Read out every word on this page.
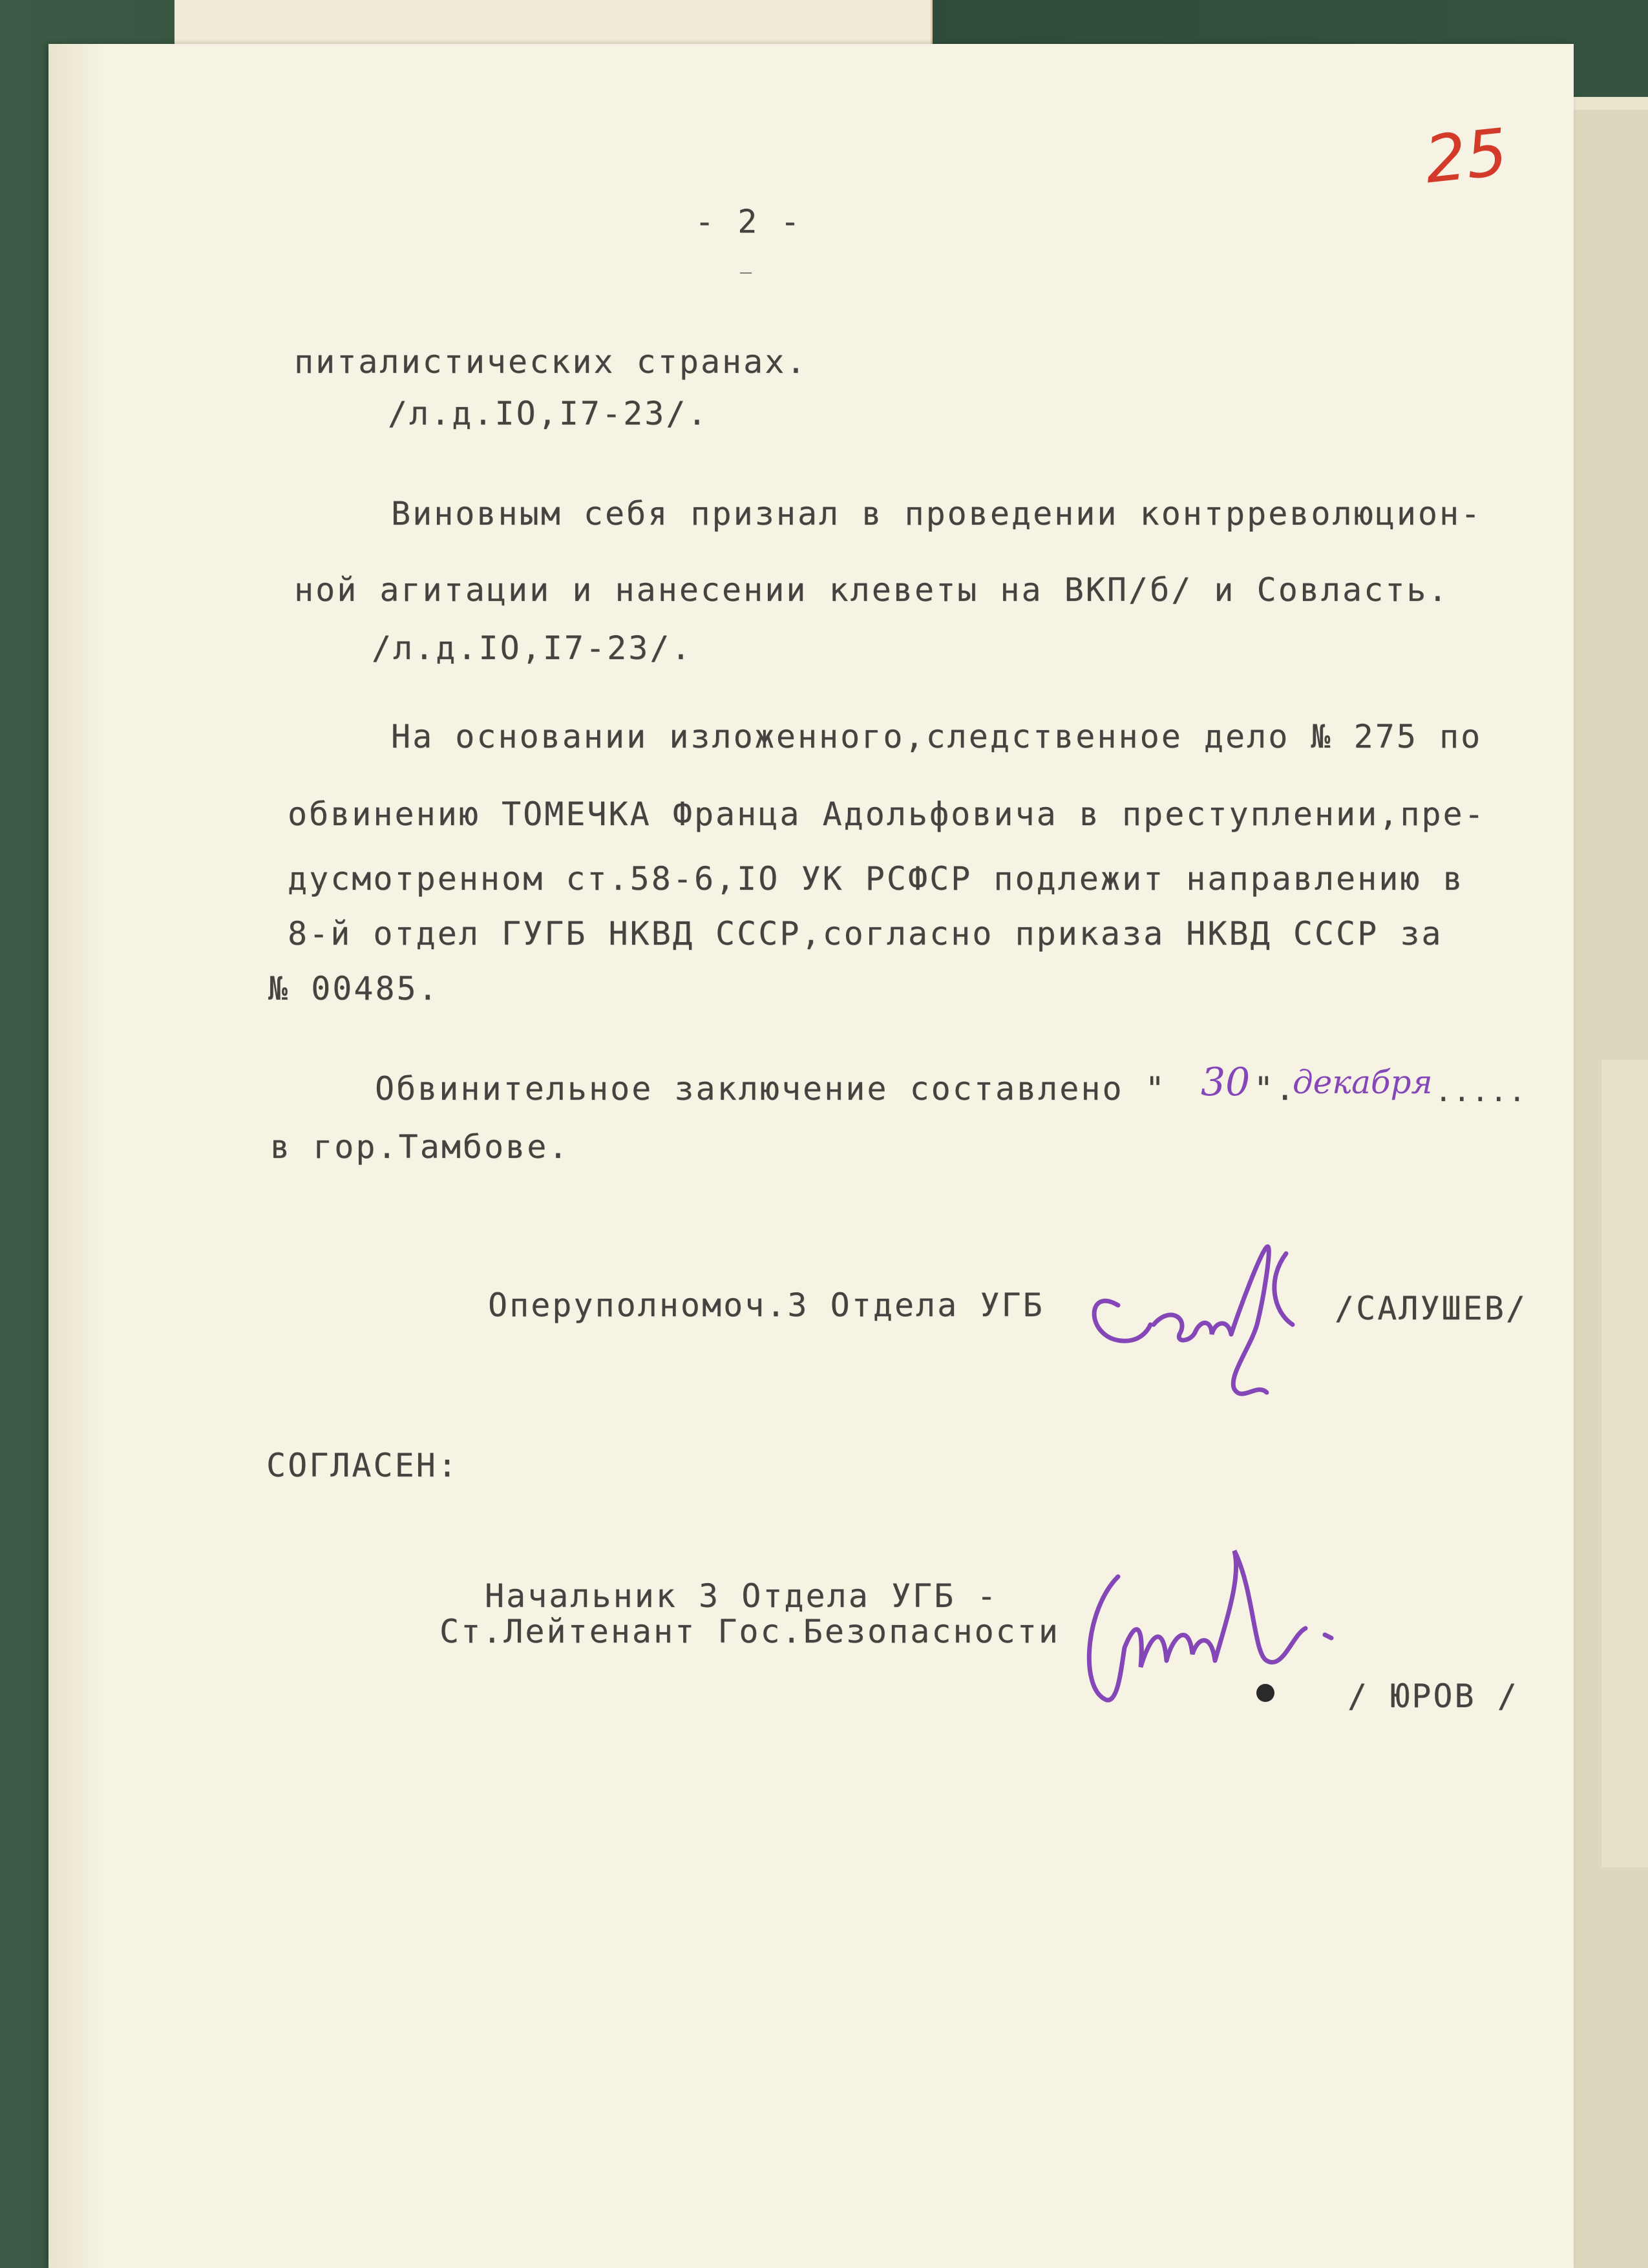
25
- 2 -
_
питалистических странах.
/л.д.IO,I7-23/.
Виновным себя признал в проведении контрреволюцион-
ной агитации и нанесении клеветы на ВКП/б/ и Совласть.
/л.д.IO,I7-23/.
На основании изложенного,следственное дело № 275 по
обвинению ТОМЕЧКА Франца Адольфовича в преступлении,пре-
дусмотренном ст.58-6,IO УК РСФСР подлежит направлению в
8-й отдел ГУГБ НКВД СССР,согласно приказа НКВД СССР за
№ 00485.
Обвинительное заключение составлено " 30 ".
декабря .....
в гор.Тамбове.
Оперуполномоч.3 Отдела УГБ	/САЛУШЕВ/
СОГЛАСЕН:
Начальник 3 Отдела УГБ -
Ст.Лейтенант Гос.Безопасности
/ ЮРОВ /
